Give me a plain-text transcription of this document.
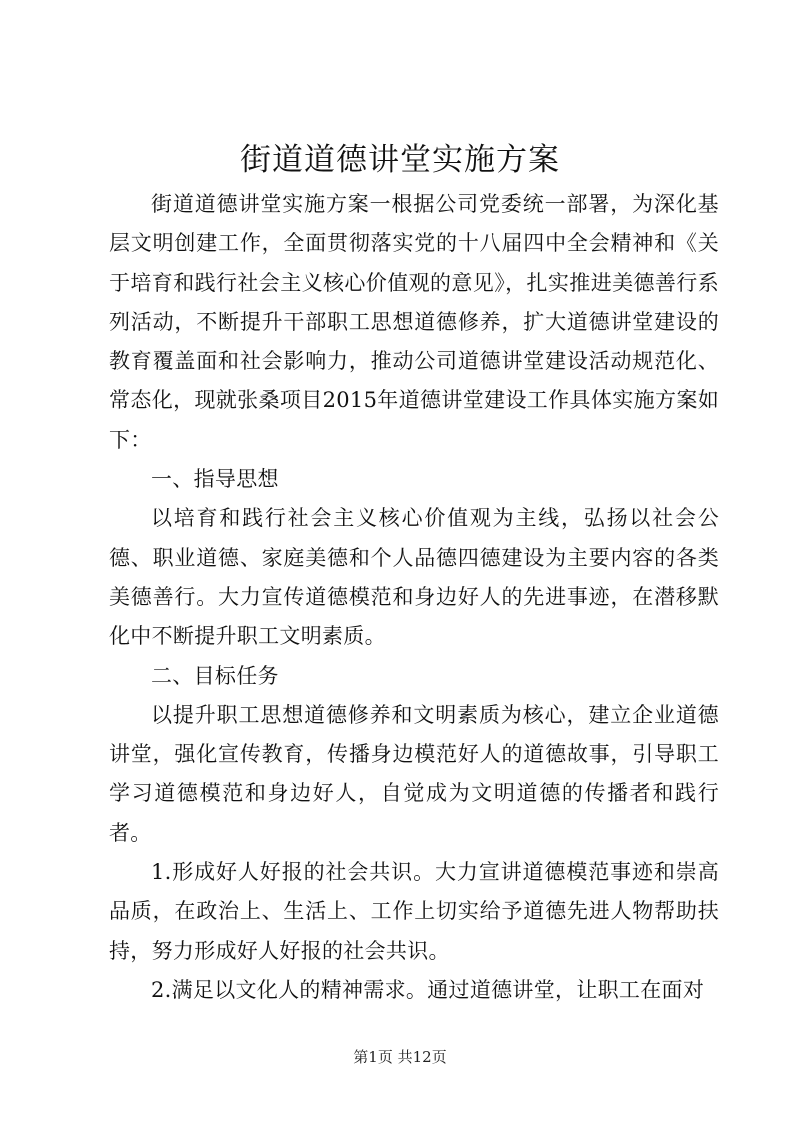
街道道德讲堂实施方案

街道道德讲堂实施方案一根据公司党委统一部署，为深化基层文明创建工作，全面贯彻落实党的十八届四中全会精神和《关于培育和践行社会主义核心价值观的意见》，扎实推进美德善行系列活动，不断提升干部职工思想道德修养，扩大道德讲堂建设的教育覆盖面和社会影响力，推动公司道德讲堂建设活动规范化、常态化，现就张桑项目2015年道德讲堂建设工作具体实施方案如下：

一、指导思想

以培育和践行社会主义核心价值观为主线，弘扬以社会公德、职业道德、家庭美德和个人品德四德建设为主要内容的各类美德善行。大力宣传道德模范和身边好人的先进事迹，在潜移默化中不断提升职工文明素质。

二、目标任务

以提升职工思想道德修养和文明素质为核心，建立企业道德讲堂，强化宣传教育，传播身边模范好人的道德故事，引导职工学习道德模范和身边好人，自觉成为文明道德的传播者和践行者。

1.形成好人好报的社会共识。大力宣讲道德模范事迹和崇高品质，在政治上、生活上、工作上切实给予道德先进人物帮助扶持，努力形成好人好报的社会共识。

2.满足以文化人的精神需求。通过道德讲堂，让职工在面对

第1页 共12页
